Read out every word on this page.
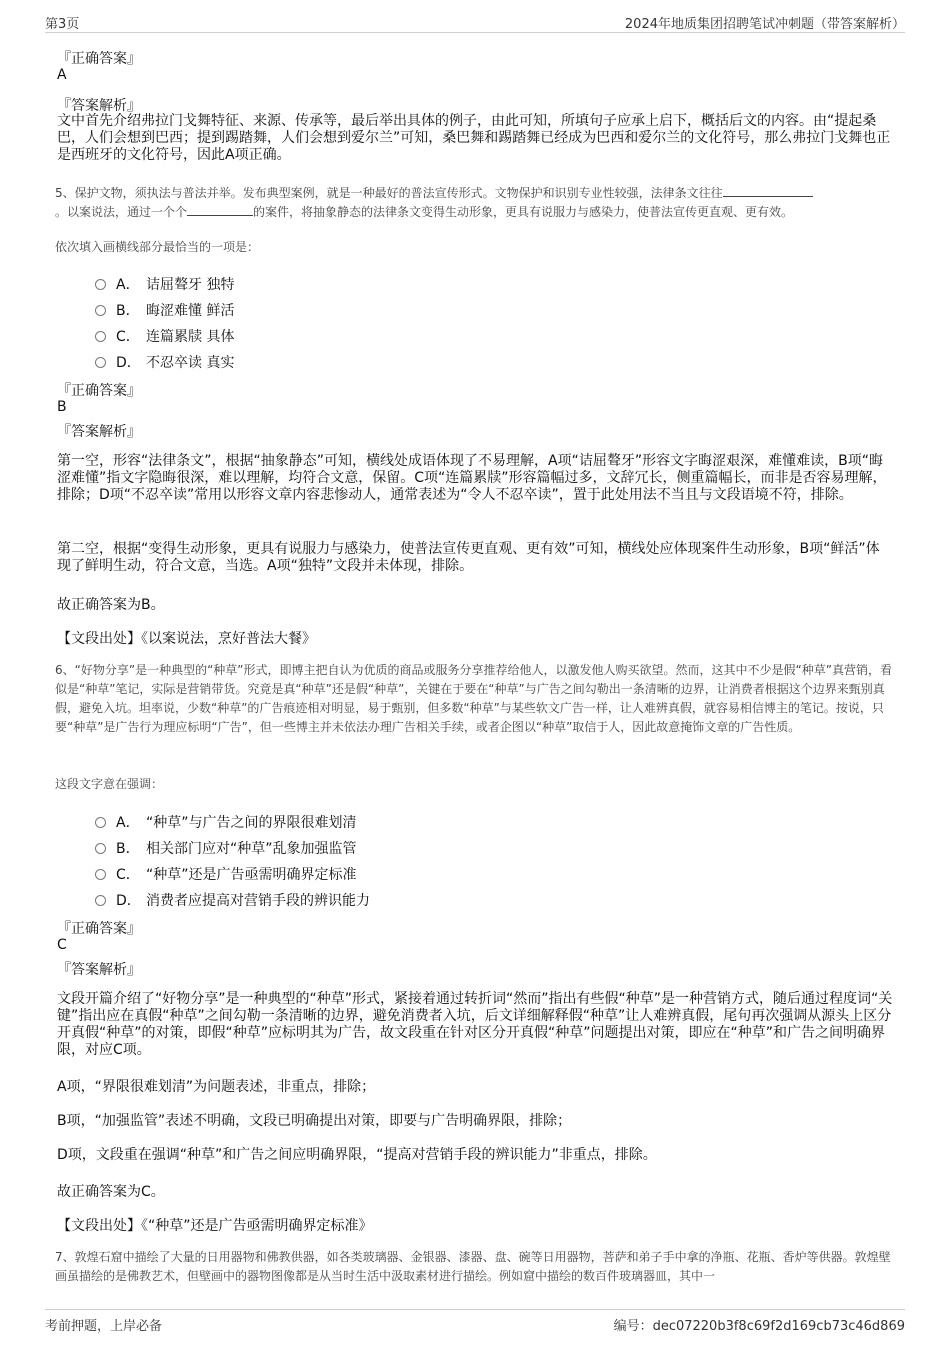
第3页	2024年地质集团招聘笔试冲刺题（带答案解析）
『正确答案』
A
『答案解析』
文中首先介绍弗拉门戈舞特征、来源、传承等，最后举出具体的例子，由此可知，所填句子应承上启下，概括后文的内容。由“提起桑巴，人们会想到巴西；提到踢踏舞，人们会想到爱尔兰”可知，桑巴舞和踢踏舞已经成为巴西和爱尔兰的文化符号，那么弗拉门戈舞也正是西班牙的文化符号，因此A项正确。
5、保护文物，须执法与普法并举。发布典型案例，就是一种最好的普法宣传形式。文物保护和识别专业性较强，法律条文往往
。以案说法，通过一个个	的案件，将抽象静态的法律条文变得生动形象，更具有说服力与感染力，使普法宣传更直观、更有效。
依次填入画横线部分最恰当的一项是：
A． 诘屈聱牙 独特
B． 晦涩难懂 鲜活
C． 连篇累牍 具体
D． 不忍卒读 真实
『正确答案』
B
『答案解析』
第一空，形容“法律条文”，根据“抽象静态”可知，横线处成语体现了不易理解，A项“诘屈聱牙”形容文字晦涩艰深，难懂难读，B项“晦涩难懂”指文字隐晦很深，难以理解，均符合文意，保留。C项“连篇累牍”形容篇幅过多，文辞冗长，侧重篇幅长，而非是否容易理解，排除；D项“不忍卒读”常用以形容文章内容悲惨动人，通常表述为“令人不忍卒读”，置于此处用法不当且与文段语境不符，排除。
第二空，根据“变得生动形象，更具有说服力与感染力，使普法宣传更直观、更有效”可知，横线处应体现案件生动形象，B项“鲜活”体现了鲜明生动，符合文意，当选。A项“独特”文段并未体现，排除。
故正确答案为B。
【文段出处】《以案说法，烹好普法大餐》
6、“好物分享”是一种典型的“种草”形式，即博主把自认为优质的商品或服务分享推荐给他人，以激发他人购买欲望。然而，这其中不少是假“种草”真营销，看似是“种草”笔记，实际是营销带货。究竟是真“种草”还是假“种草”，关键在于要在“种草”与广告之间勾勒出一条清晰的边界，让消费者根据这个边界来甄别真假，避免入坑。坦率说，少数“种草”的广告痕迹相对明显，易于甄别，但多数“种草”与某些软文广告一样，让人难辨真假，就容易相信博主的笔记。按说，只要“种草”是广告行为理应标明“广告”，但一些博主并未依法办理广告相关手续，或者企图以“种草”取信于人，因此故意掩饰文章的广告性质。
这段文字意在强调：
A． “种草”与广告之间的界限很难划清
B． 相关部门应对“种草”乱象加强监管
C． “种草”还是广告亟需明确界定标准
D． 消费者应提高对营销手段的辨识能力
『正确答案』
C
『答案解析』
文段开篇介绍了“好物分享”是一种典型的“种草”形式，紧接着通过转折词“然而”指出有些假“种草”是一种营销方式，随后通过程度词“关键”指出应在真假“种草”之间勾勒一条清晰的边界，避免消费者入坑，后文详细解释假“种草”让人难辨真假，尾句再次强调从源头上区分开真假“种草”的对策，即假“种草”应标明其为广告，故文段重在针对区分开真假“种草”问题提出对策，即应在“种草”和广告之间明确界限，对应C项。
A项，“界限很难划清”为问题表述，非重点，排除；
B项，“加强监管”表述不明确，文段已明确提出对策，即要与广告明确界限，排除；
D项，文段重在强调“种草”和广告之间应明确界限，“提高对营销手段的辨识能力”非重点，排除。
故正确答案为C。
【文段出处】《“种草”还是广告亟需明确界定标准》
7、敦煌石窟中描绘了大量的日用器物和佛教供器，如各类玻璃器、金银器、漆器、盘、碗等日用器物，菩萨和弟子手中拿的净瓶、花瓶、香炉等供器。敦煌壁画虽描绘的是佛教艺术，但壁画中的器物图像都是从当时生活中汲取素材进行描绘。例如窟中描绘的数百件玻璃器皿，其中一
考前押题，上岸必备	编号：dec07220b3f8c69f2d169cb73c46d869
